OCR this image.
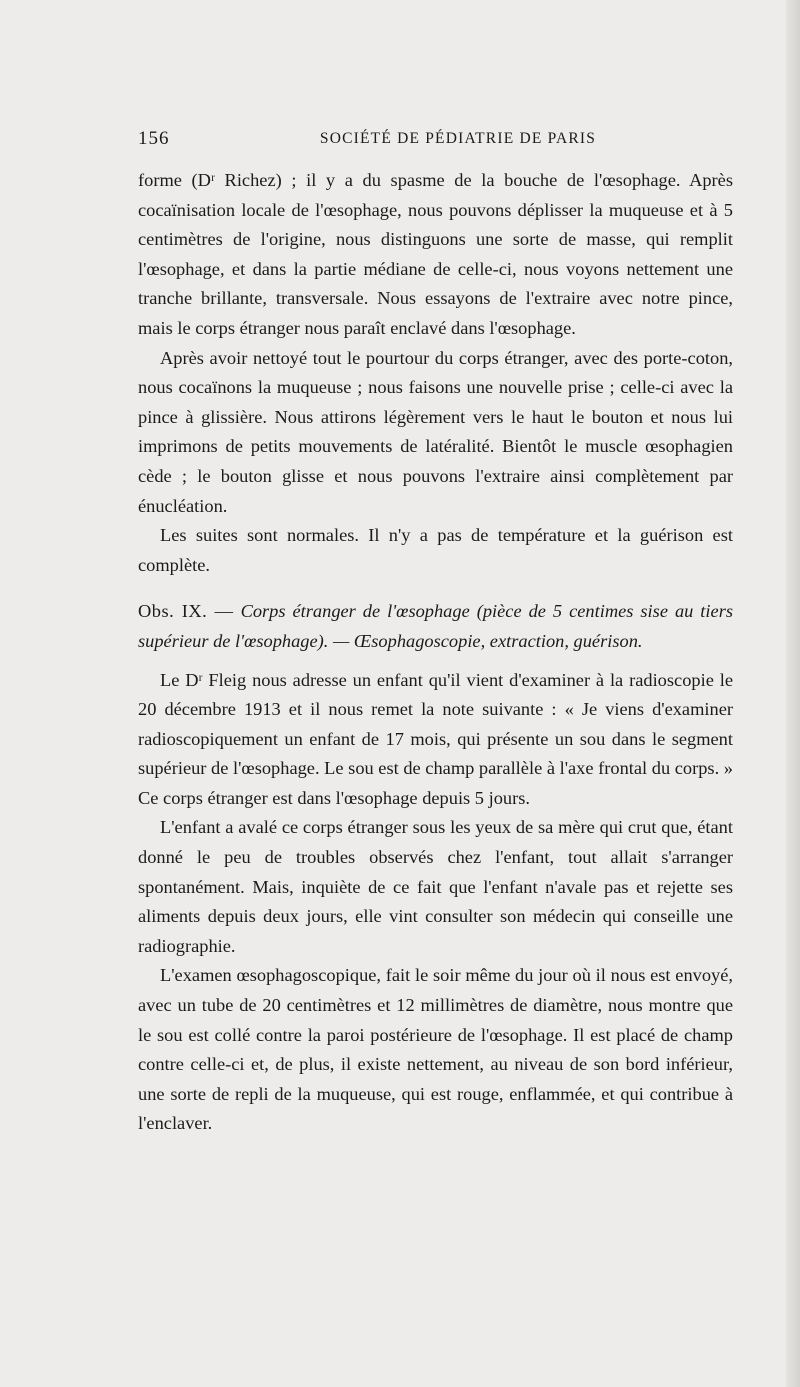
156	SOCIÉTÉ DE PÉDIATRIE DE PARIS

forme (Dʳ Richez) ; il y a du spasme de la bouche de l'œsophage. Après cocaïnisation locale de l'œsophage, nous pouvons déplisser la muqueuse et à 5 centimètres de l'origine, nous distinguons une sorte de masse, qui remplit l'œsophage, et dans la partie médiane de celle-ci, nous voyons nettement une tranche brillante, transversale. Nous essayons de l'extraire avec notre pince, mais le corps étranger nous paraît enclavé dans l'œsophage.

Après avoir nettoyé tout le pourtour du corps étranger, avec des porte-coton, nous cocaïnons la muqueuse ; nous faisons une nouvelle prise ; celle-ci avec la pince à glissière. Nous attirons légèrement vers le haut le bouton et nous lui imprimons de petits mouvements de latéralité. Bientôt le muscle œsophagien cède ; le bouton glisse et nous pouvons l'extraire ainsi complètement par énucléation.

Les suites sont normales. Il n'y a pas de température et la guérison est complète.

Obs. IX. — Corps étranger de l'œsophage (pièce de 5 centimes sise au tiers supérieur de l'œsophage). — Œsophagoscopie, extraction, guérison.

Le Dʳ Fleig nous adresse un enfant qu'il vient d'examiner à la radioscopie le 20 décembre 1913 et il nous remet la note suivante : « Je viens d'examiner radioscopiquement un enfant de 17 mois, qui présente un sou dans le segment supérieur de l'œsophage. Le sou est de champ parallèle à l'axe frontal du corps. » Ce corps étranger est dans l'œsophage depuis 5 jours.

L'enfant a avalé ce corps étranger sous les yeux de sa mère qui crut que, étant donné le peu de troubles observés chez l'enfant, tout allait s'arranger spontanément. Mais, inquiète de ce fait que l'enfant n'avale pas et rejette ses aliments depuis deux jours, elle vint consulter son médecin qui conseille une radiographie.

L'examen œsophagoscopique, fait le soir même du jour où il nous est envoyé, avec un tube de 20 centimètres et 12 millimètres de diamètre, nous montre que le sou est collé contre la paroi postérieure de l'œsophage. Il est placé de champ contre celle-ci et, de plus, il existe nettement, au niveau de son bord inférieur, une sorte de repli de la muqueuse, qui est rouge, enflammée, et qui contribue à l'enclaver.
